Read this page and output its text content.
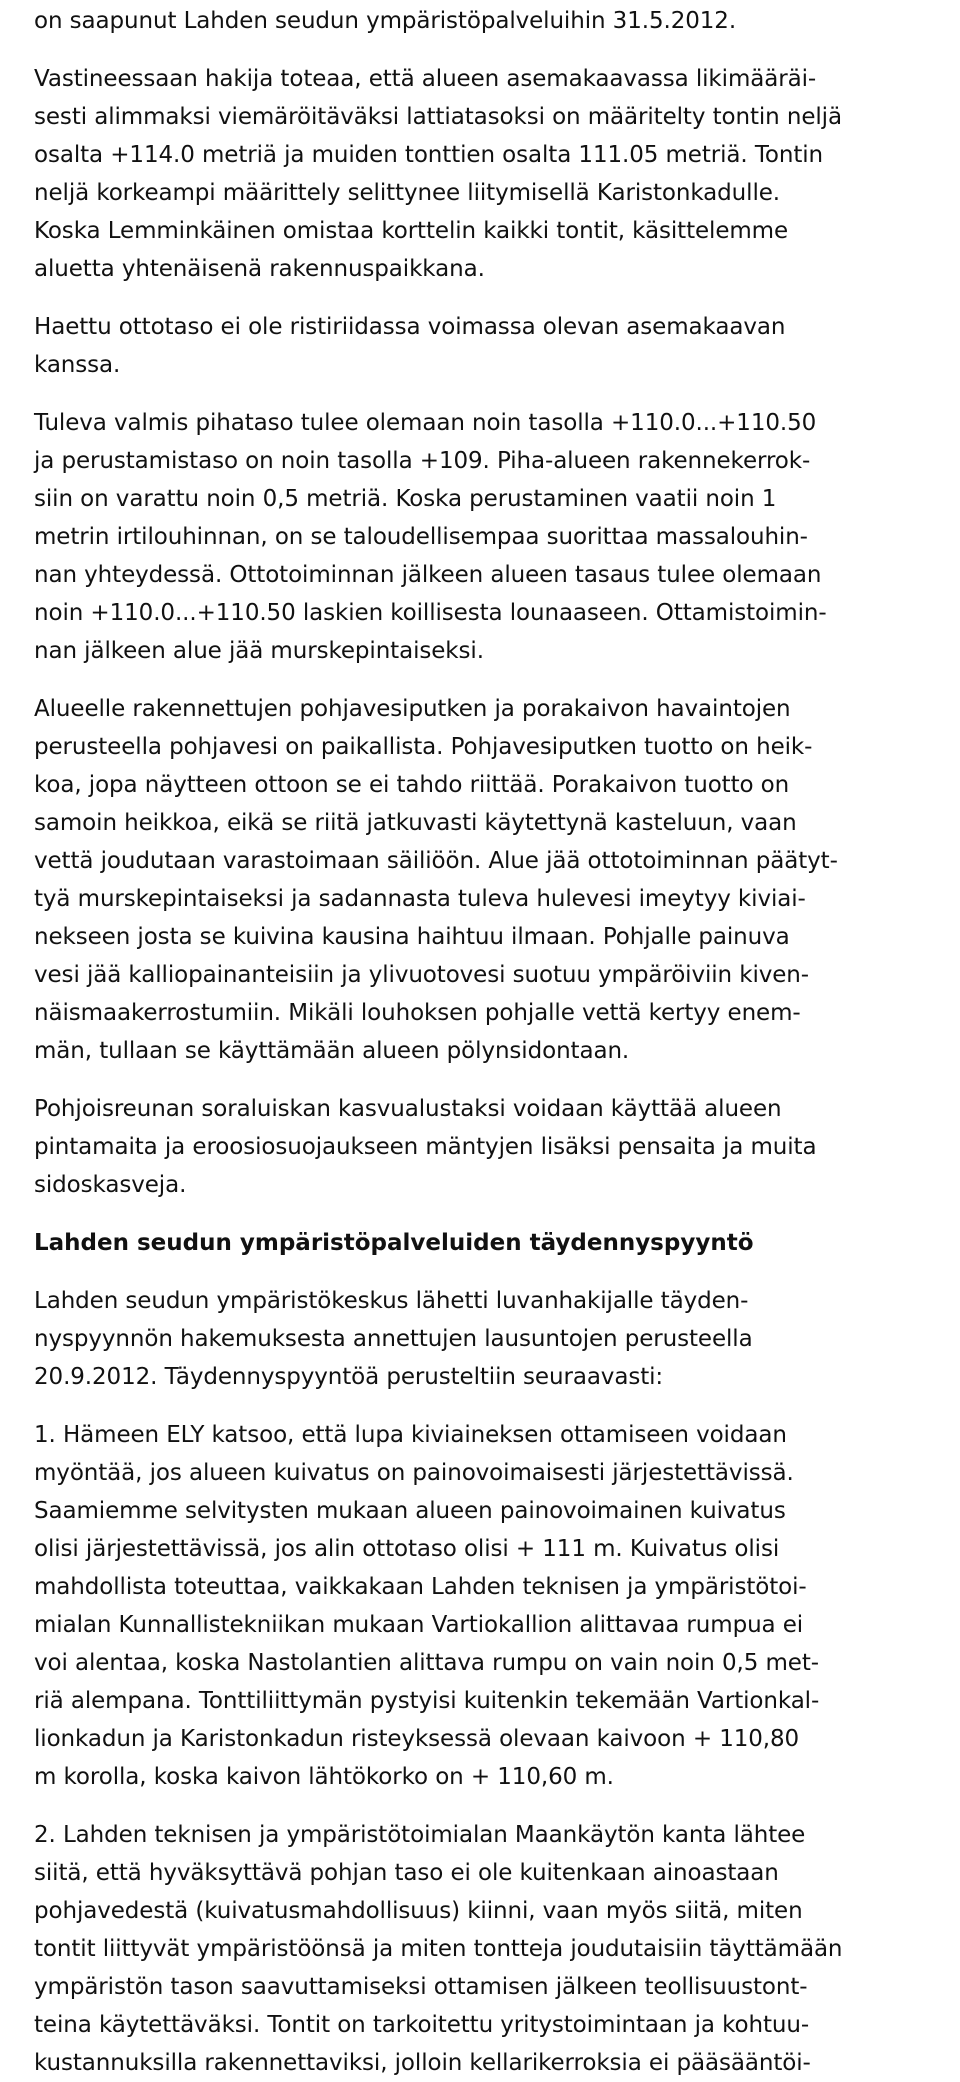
on saapunut Lahden seudun ympäristöpalveluihin 31.5.2012.

Vastineessaan hakija toteaa, että alueen asemakaavassa likimääräi-
sesti alimmaksi viemäröitäväksi lattiatasoksi on määritelty tontin neljä
osalta +114.0 metriä ja muiden tonttien osalta 111.05 metriä. Tontin
neljä korkeampi määrittely selittynee liitymisellä Karistonkadulle.
Koska Lemminkäinen omistaa korttelin kaikki tontit, käsittelemme
aluetta yhtenäisenä rakennuspaikkana.

Haettu ottotaso ei ole ristiriidassa voimassa olevan asemakaavan
kanssa.

Tuleva valmis pihataso tulee olemaan noin tasolla +110.0...+110.50
ja perustamistaso on noin tasolla +109. Piha-alueen rakennekerrok-
siin on varattu noin 0,5 metriä. Koska perustaminen vaatii noin 1
metrin irtilouhinnan, on se taloudellisempaa suorittaa massalouhin-
nan yhteydessä. Ottotoiminnan jälkeen alueen tasaus tulee olemaan
noin +110.0...+110.50 laskien koillisesta lounaaseen. Ottamistoimin-
nan jälkeen alue jää murskepintaiseksi.

Alueelle rakennettujen pohjavesiputken ja porakaivon havaintojen
perusteella pohjavesi on paikallista. Pohjavesiputken tuotto on heik-
koa, jopa näytteen ottoon se ei tahdo riittää. Porakaivon tuotto on
samoin heikkoa, eikä se riitä jatkuvasti käytettynä kasteluun, vaan
vettä joudutaan varastoimaan säiliöön. Alue jää ottotoiminnan päätyt-
tyä murskepintaiseksi ja sadannasta tuleva hulevesi imeytyy kiviai-
nekseen josta se kuivina kausina haihtuu ilmaan. Pohjalle painuva
vesi jää kalliopainanteisiin ja ylivuotovesi suotuu ympäröiviin kiven-
näismaakerrostumiin. Mikäli louhoksen pohjalle vettä kertyy enem-
män, tullaan se käyttämään alueen pölynsidontaan.

Pohjoisreunan soraluiskan kasvualustaksi voidaan käyttää alueen
pintamaita ja eroosiosuojaukseen mäntyjen lisäksi pensaita ja muita
sidoskasveja.

Lahden seudun ympäristöpalveluiden täydennyspyyntö

Lahden seudun ympäristökeskus lähetti luvanhakijalle täyden-
nyspyynnön hakemuksesta annettujen lausuntojen perusteella
20.9.2012. Täydennyspyyntöä perusteltiin seuraavasti:

1. Hämeen ELY katsoo, että lupa kiviaineksen ottamiseen voidaan
myöntää, jos alueen kuivatus on painovoimaisesti järjestettävissä.
Saamiemme selvitysten mukaan alueen painovoimainen kuivatus
olisi järjestettävissä, jos alin ottotaso olisi + 111 m. Kuivatus olisi
mahdollista toteuttaa, vaikkakaan Lahden teknisen ja ympäristötoi-
mialan Kunnallistekniikan mukaan Vartiokallion alittavaa rumpua ei
voi alentaa, koska Nastolantien alittava rumpu on vain noin 0,5 met-
riä alempana. Tonttiliittymän pystyisi kuitenkin tekemään Vartionkal-
lionkadun ja Karistonkadun risteyksessä olevaan kaivoon + 110,80
m korolla, koska kaivon lähtökorko on + 110,60 m.

2. Lahden teknisen ja ympäristötoimialan Maankäytön kanta lähtee
siitä, että hyväksyttävä pohjan taso ei ole kuitenkaan ainoastaan
pohjavedestä (kuivatusmahdollisuus) kiinni, vaan myös siitä, miten
tontit liittyvät ympäristöönsä ja miten tontteja joudutaisiin täyttämään
ympäristön tason saavuttamiseksi ottamisen jälkeen teollisuustont-
teina käytettäväksi. Tontit on tarkoitettu yritystoimintaan ja kohtuu-
kustannuksilla rakennettaviksi, jolloin kellarikerroksia ei pääsääntöi-
